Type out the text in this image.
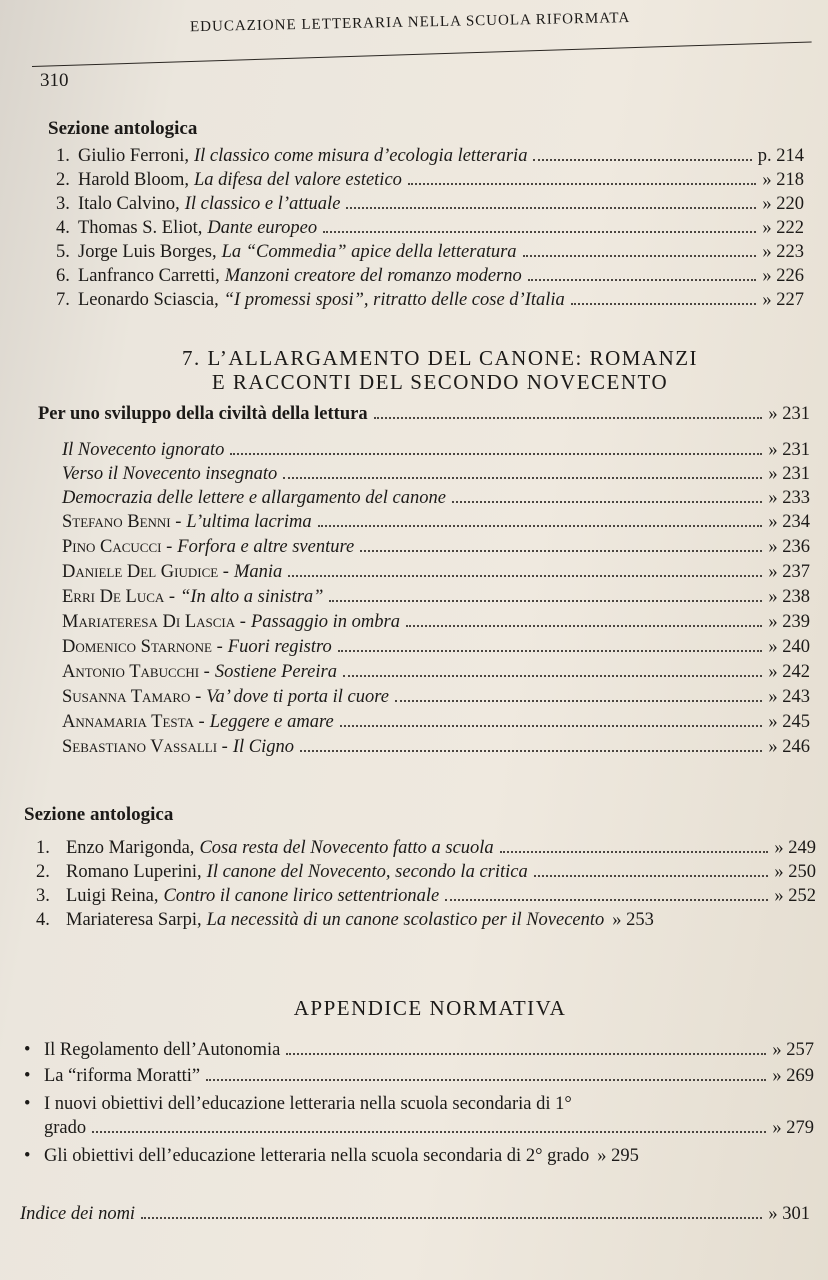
EDUCAZIONE LETTERARIA NELLA SCUOLA RIFORMATA
310
Sezione antologica
1. Giulio Ferroni, Il classico come misura d’ecologia letteraria	p. 214
2. Harold Bloom, La difesa del valore estetico	» 218
3. Italo Calvino, Il classico e l’attuale	» 220
4. Thomas S. Eliot, Dante europeo	» 222
5. Jorge Luis Borges, La “Commedia” apice della letteratura	» 223
6. Lanfranco Carretti, Manzoni creatore del romanzo moderno	» 226
7. Leonardo Sciascia, “I promessi sposi”, ritratto delle cose d’Italia	» 227
7. L’ALLARGAMENTO DEL CANONE: ROMANZI
E RACCONTI DEL SECONDO NOVECENTO
Per uno sviluppo della civiltà della lettura	» 231
Il Novecento ignorato	» 231
Verso il Novecento insegnato	» 231
Democrazia delle lettere e allargamento del canone	» 233
Stefano Benni - L’ultima lacrima	» 234
Pino Cacucci - Forfora e altre sventure	» 236
Daniele Del Giudice - Mania	» 237
Erri De Luca - “In alto a sinistra”	» 238
Mariateresa Di Lascia - Passaggio in ombra	» 239
Domenico Starnone - Fuori registro	» 240
Antonio Tabucchi - Sostiene Pereira	» 242
Susanna Tamaro - Va’ dove ti porta il cuore	» 243
Annamaria Testa - Leggere e amare	» 245
Sebastiano Vassalli - Il Cigno	» 246
Sezione antologica
1. Enzo Marigonda, Cosa resta del Novecento fatto a scuola	» 249
2. Romano Luperini, Il canone del Novecento, secondo la critica	» 250
3. Luigi Reina, Contro il canone lirico settentrionale	» 252
4. Mariateresa Sarpi, La necessità di un canone scolastico per il Novecento » 253
APPENDICE NORMATIVA
• Il Regolamento dell’Autonomia	» 257
• La “riforma Moratti”	» 269
• I nuovi obiettivi dell’educazione letteraria nella scuola secondaria di 1°
grado	» 279
• Gli obiettivi dell’educazione letteraria nella scuola secondaria di 2° grado » 295
Indice dei nomi	» 301
